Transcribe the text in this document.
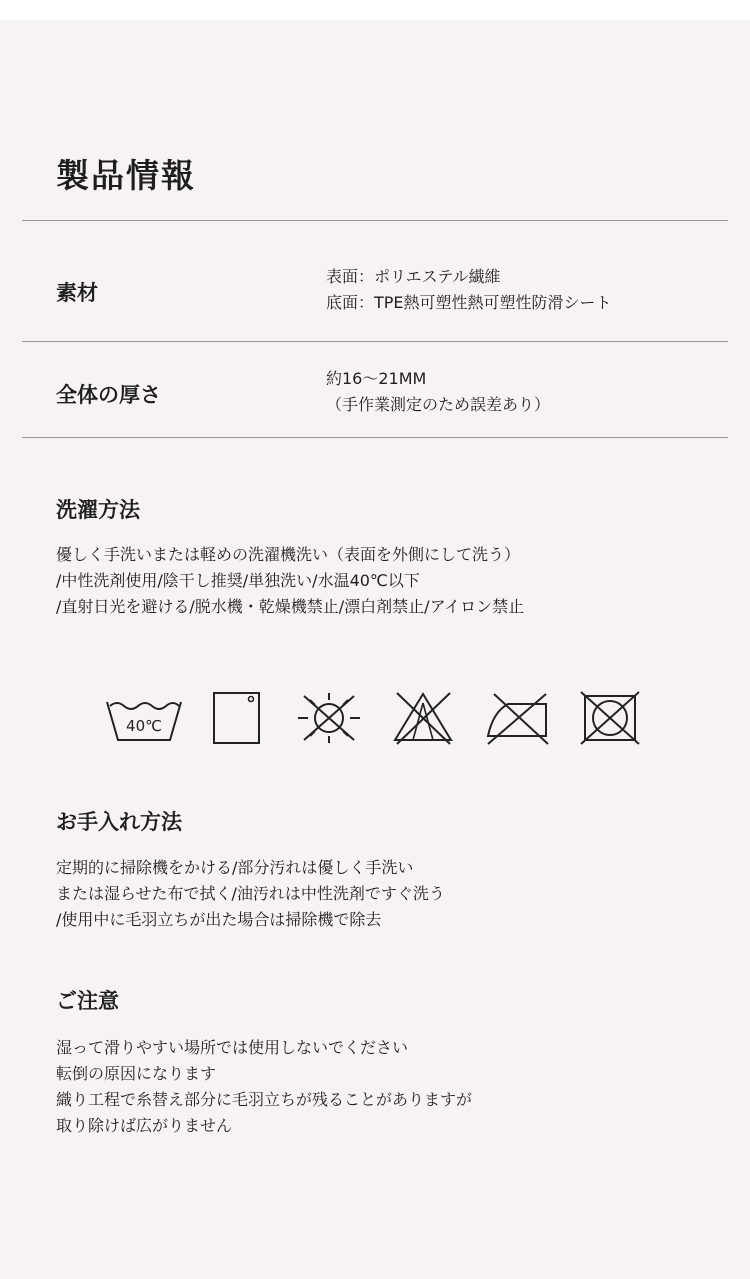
製品情報
素材
表面：ポリエステル繊維
底面：TPE熱可塑性熱可塑性防滑シート
全体の厚さ
約16～21MM
（手作業測定のため誤差あり）
洗濯方法
優しく手洗いまたは軽めの洗濯機洗い（表面を外側にして洗う）
/中性洗剤使用/陰干し推奨/単独洗い/水温40℃以下
/直射日光を避ける/脱水機・乾燥機禁止/漂白剤禁止/アイロン禁止
40℃
お手入れ方法
定期的に掃除機をかける/部分汚れは優しく手洗い
または湿らせた布で拭く/油汚れは中性洗剤ですぐ洗う
/使用中に毛羽立ちが出た場合は掃除機で除去
ご注意
湿って滑りやすい場所では使用しないでください
転倒の原因になります
織り工程で糸替え部分に毛羽立ちが残ることがありますが
取り除けば広がりません
